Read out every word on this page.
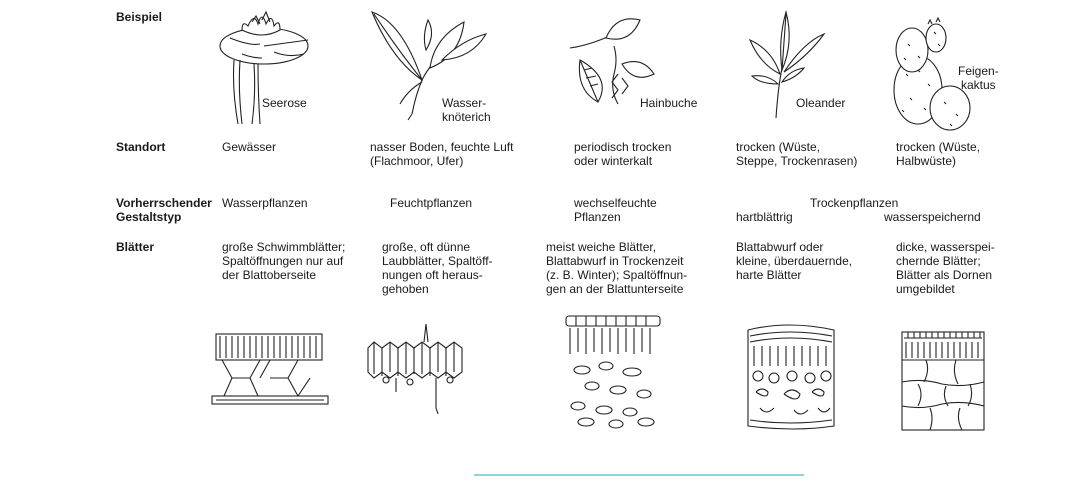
Beispiel
Standort
Vorherrschender
Gestaltstyp
Blätter
Seerose
Gewässer
Wasserpflanzen
große Schwimmblätter;
Spaltöffnungen nur auf
der Blattoberseite
Wasser-
knöterich
nasser Boden, feuchte Luft
(Flachmoor, Ufer)
Feuchtpflanzen
große, oft dünne
Laubblätter, Spaltöff-
nungen oft heraus-
gehoben
Hainbuche
periodisch trocken
oder winterkalt
wechselfeuchte
Pflanzen
meist weiche Blätter,
Blattabwurf in Trockenzeit
(z. B. Winter); Spaltöffnun-
gen an der Blattunterseite
Oleander
trocken (Wüste,
Steppe, Trockenrasen)
Trockenpflanzen
hartblättrig
Blattabwurf oder
kleine, überdauernde,
harte Blätter
Feigen-
kaktus
trocken (Wüste,
Halbwüste)
wasserspeichernd
dicke, wasserspei-
chernde Blätter;
Blätter als Dornen
umgebildet
